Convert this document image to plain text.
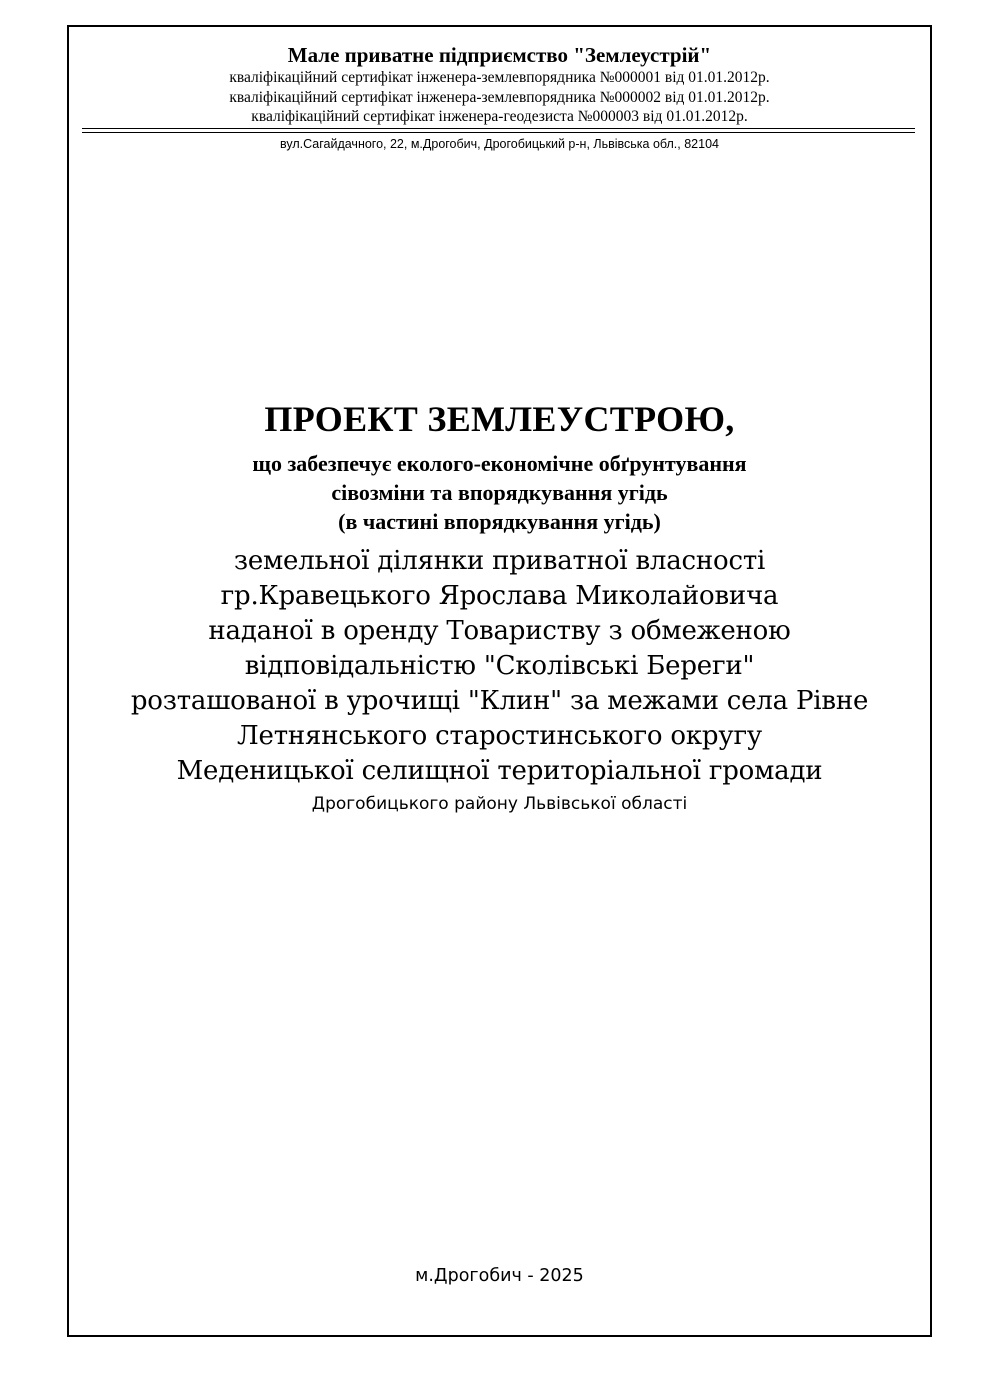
Мале приватне підприємство "Землеустрій"

кваліфікаційний сертифікат інженера-землевпорядника №000001 від 01.01.2012р.

кваліфікаційний сертифікат інженера-землевпорядника №000002 від 01.01.2012р.

кваліфікаційний сертифікат інженера-геодезиста №000003 від 01.01.2012р.

вул.Сагайдачного, 22, м.Дрогобич, Дрогобицький р-н, Львівська обл., 82104

ПРОЕКТ ЗЕМЛЕУСТРОЮ,

що забезпечує еколого-економічне обґрунтування

сівозміни та впорядкування угідь

(в частині впорядкування угідь)

земельної ділянки приватної власності

гр.Кравецького Ярослава Миколайовича

наданої в оренду Товариству з обмеженою

відповідальністю "Сколівські Береги"

розташованої в урочищі "Клин" за межами села Рівне

Летнянського старостинського округу

Меденицької селищної територіальної громади

Дрогобицького району Львівської області

м.Дрогобич - 2025
